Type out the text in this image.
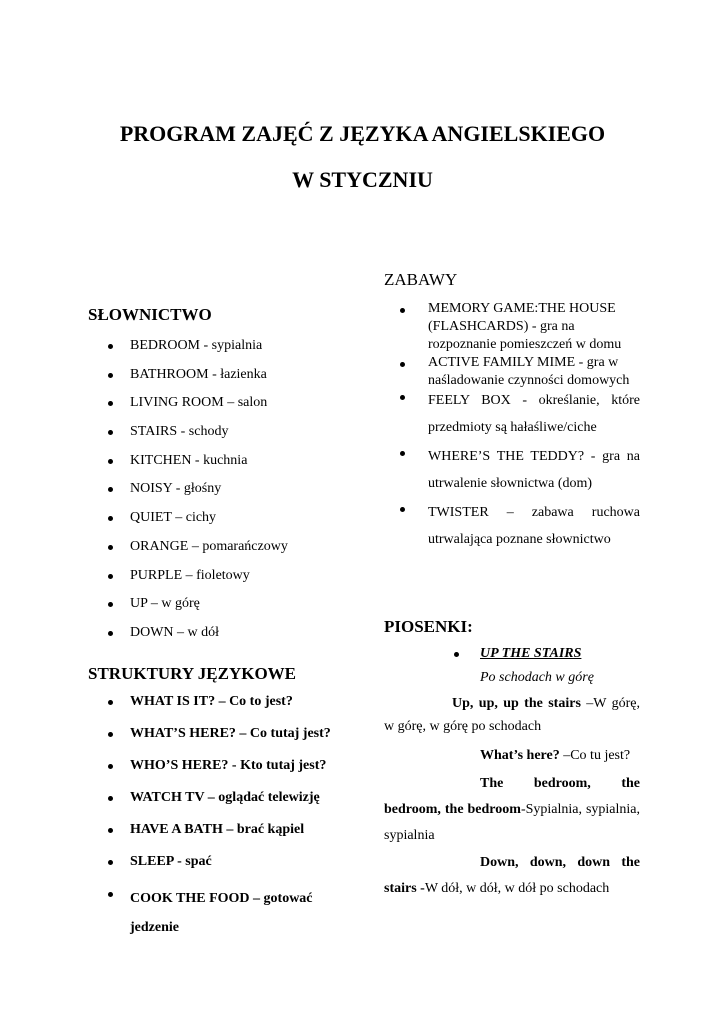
PROGRAM ZAJĘĆ Z JĘZYKA ANGIELSKIEGO
W STYCZNIU
SŁOWNICTWO
BEDROOM - sypialnia
BATHROOM - łazienka
LIVING ROOM – salon
STAIRS - schody
KITCHEN - kuchnia
NOISY - głośny
QUIET – cichy
ORANGE – pomarańczowy
PURPLE – fioletowy
UP – w górę
DOWN – w dół
STRUKTURY JĘZYKOWE
WHAT IS IT? – Co to jest?
WHAT’S HERE? – Co tutaj jest?
WHO’S HERE? - Kto tutaj jest?
WATCH TV – oglądać telewizję
HAVE A BATH – brać kąpiel
SLEEP - spać
COOK THE FOOD – gotować jedzenie
ZABAWY
MEMORY GAME:THE HOUSE (FLASHCARDS) - gra na rozpoznanie pomieszczeń w domu
ACTIVE FAMILY MIME - gra w naśladowanie czynności domowych
FEELY BOX - określanie, które przedmioty są hałaśliwe/ciche
WHERE’S THE TEDDY? - gra na utrwalenie słownictwa (dom)
TWISTER – zabawa ruchowa utrwalająca poznane słownictwo
PIOSENKI:

UP THE STAIRS

Po schodach w górę

Up, up, up the stairs –W górę, w górę, w górę po schodach

What’s here? –Co tu jest?

The bedroom, the bedroom, the bedroom-Sypialnia, sypialnia, sypialnia

Down, down, down the stairs -W dół, w dół, w dół po schodach
